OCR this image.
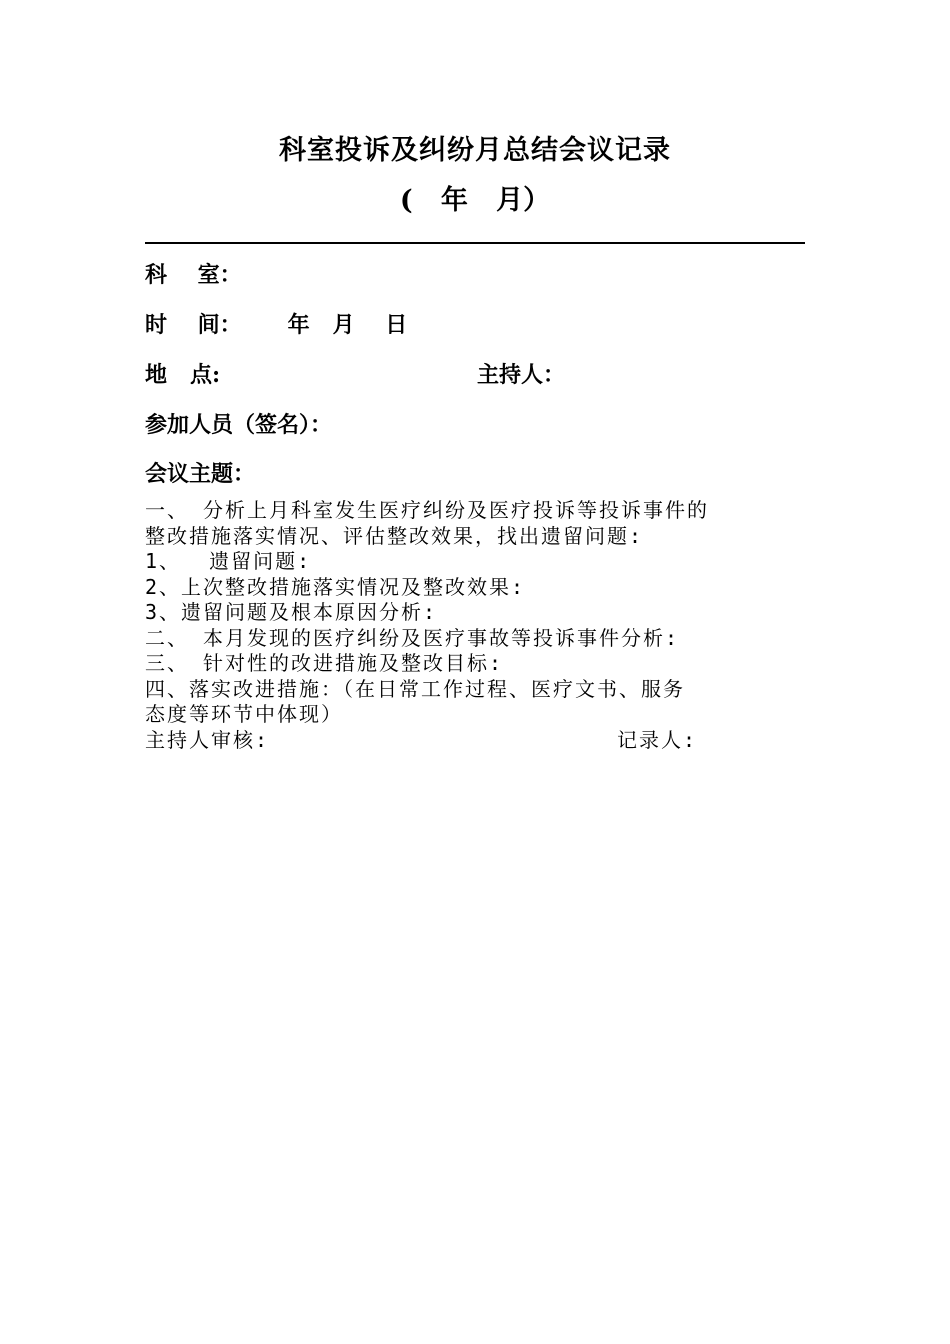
科室投诉及纠纷月总结会议记录
(   年   月）
科    室：
时    间：      年   月    日
地   点:	主持人：
参加人员（签名）：
会议主题：
一、 分析上月科室发生医疗纠纷及医疗投诉等投诉事件的
整改措施落实情况、评估整改效果，找出遗留问题:
1、  遗留问题:
2、上次整改措施落实情况及整改效果:
3、遗留问题及根本原因分析:
二、 本月发现的医疗纠纷及医疗事故等投诉事件分析:
三、 针对性的改进措施及整改目标:
四、落实改进措施：（在日常工作过程、医疗文书、服务
态度等环节中体现）
主持人审核:	记录人:
